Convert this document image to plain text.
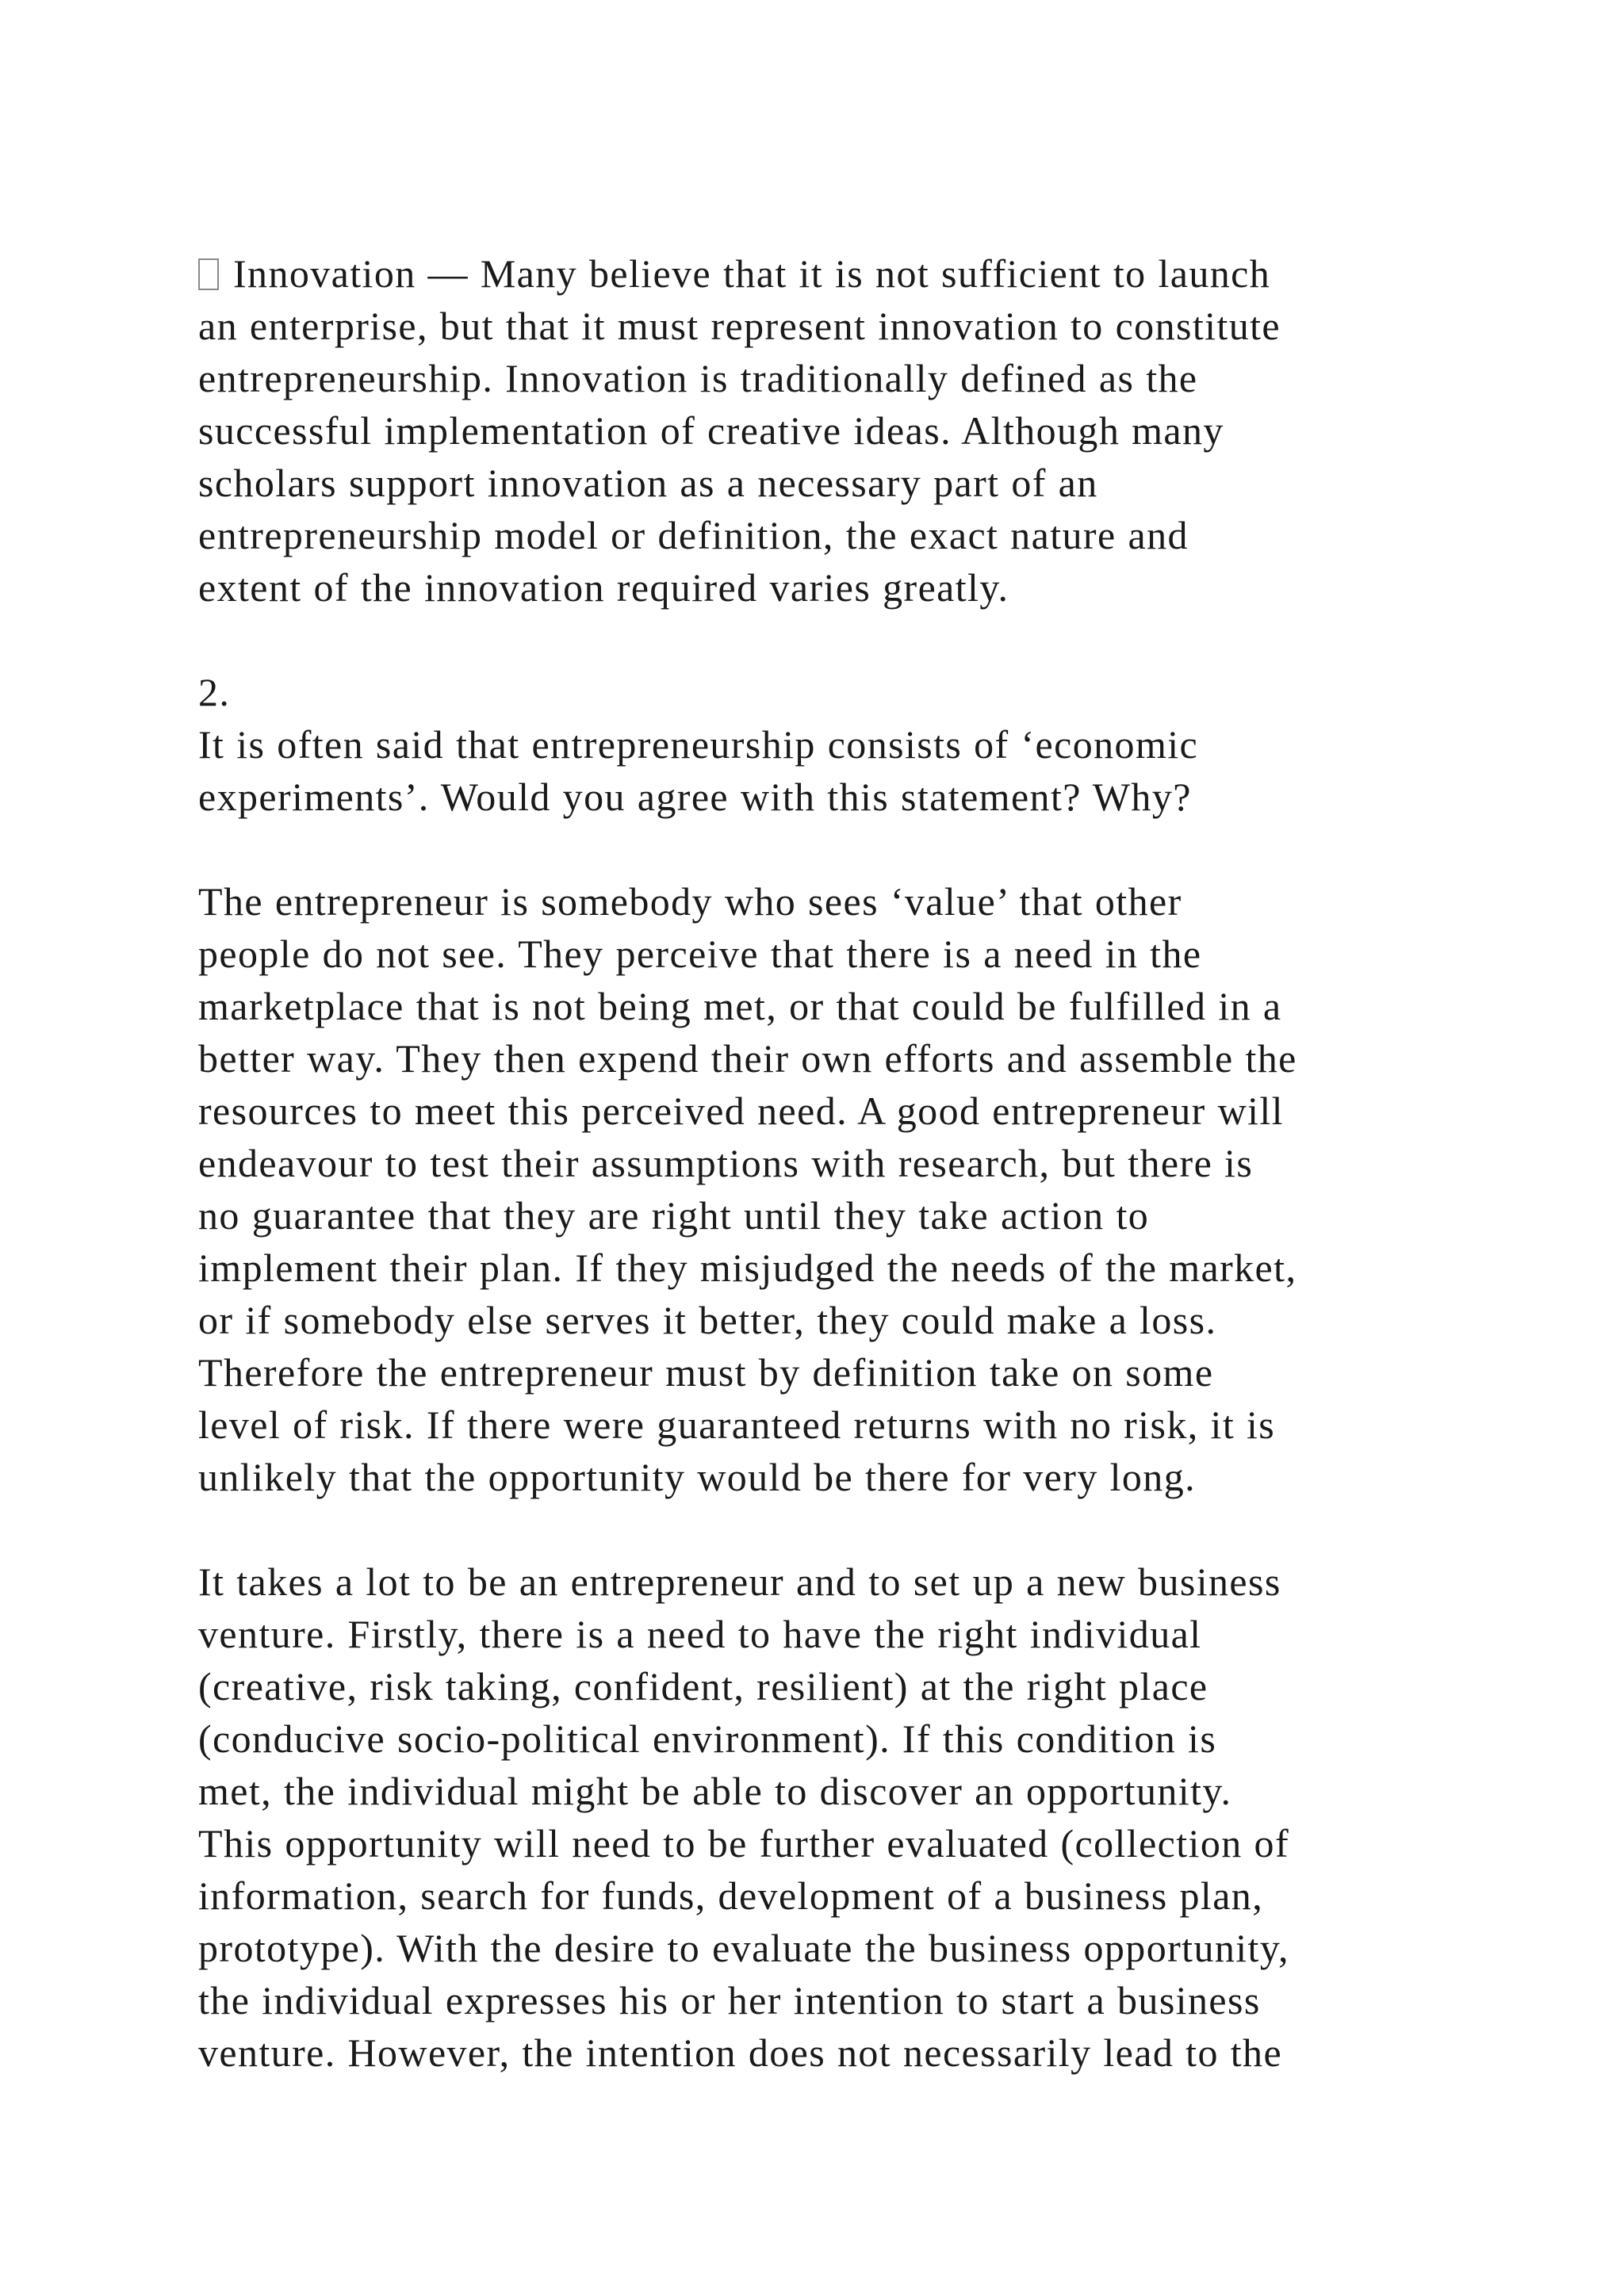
Innovation — Many believe that it is not sufficient to launch
an enterprise, but that it must represent innovation to constitute
entrepreneurship. Innovation is traditionally defined as the
successful implementation of creative ideas. Although many
scholars support innovation as a necessary part of an
entrepreneurship model or definition, the exact nature and
extent of the innovation required varies greatly.
2.
It is often said that entrepreneurship consists of ‘economic
experiments’. Would you agree with this statement? Why?
The entrepreneur is somebody who sees ‘value’ that other
people do not see. They perceive that there is a need in the
marketplace that is not being met, or that could be fulfilled in a
better way. They then expend their own efforts and assemble the
resources to meet this perceived need. A good entrepreneur will
endeavour to test their assumptions with research, but there is
no guarantee that they are right until they take action to
implement their plan. If they misjudged the needs of the market,
or if somebody else serves it better, they could make a loss.
Therefore the entrepreneur must by definition take on some
level of risk. If there were guaranteed returns with no risk, it is
unlikely that the opportunity would be there for very long.
It takes a lot to be an entrepreneur and to set up a new business
venture. Firstly, there is a need to have the right individual
(creative, risk taking, confident, resilient) at the right place
(conducive socio-political environment). If this condition is
met, the individual might be able to discover an opportunity.
This opportunity will need to be further evaluated (collection of
information, search for funds, development of a business plan,
prototype). With the desire to evaluate the business opportunity,
the individual expresses his or her intention to start a business
venture. However, the intention does not necessarily lead to the
